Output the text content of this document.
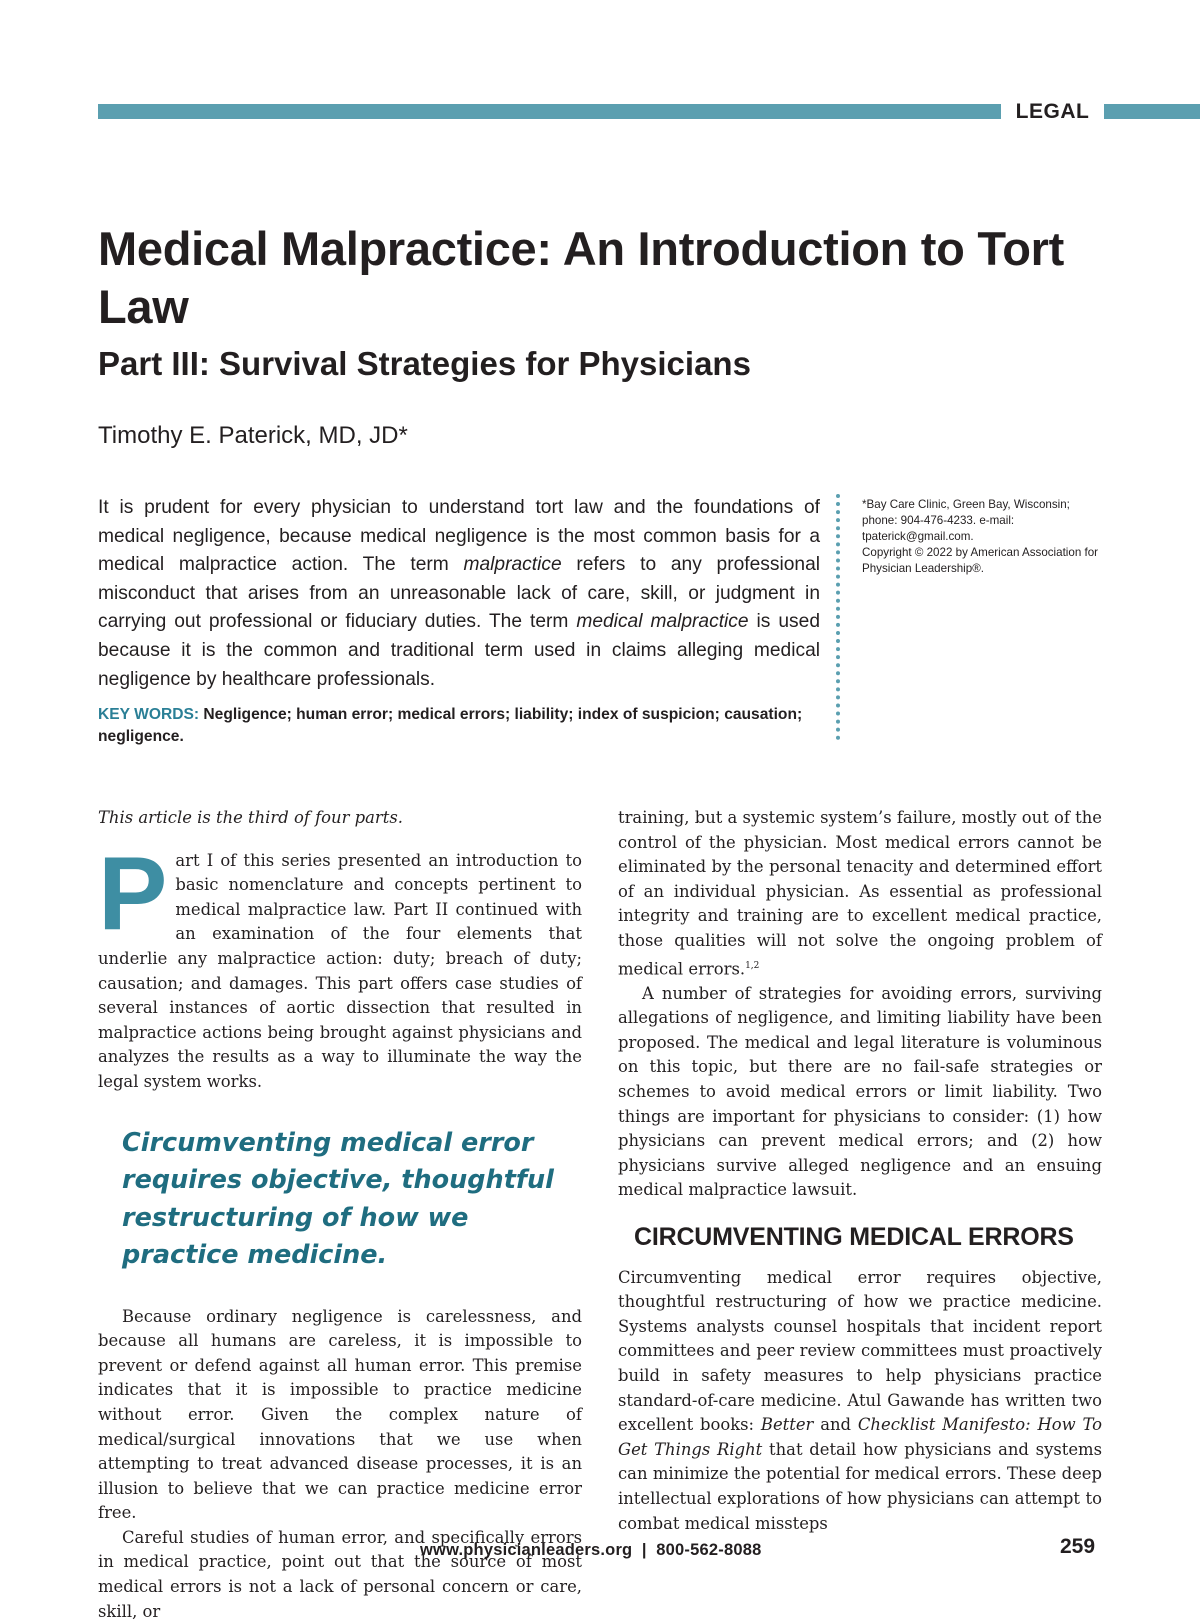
LEGAL
Medical Malpractice: An Introduction to Tort Law
Part III: Survival Strategies for Physicians

Timothy E. Paterick, MD, JD*

It is prudent for every physician to understand tort law and the foundations of medical negligence, because medical negligence is the most common basis for a medical malpractice action. The term malpractice refers to any professional misconduct that arises from an unreasonable lack of care, skill, or judgment in carrying out professional or fiduciary duties. The term medical malpractice is used because it is the common and traditional term used in claims alleging medical negligence by healthcare professionals.

KEY WORDS: Negligence; human error; medical errors; liability; index of suspicion; causation; negligence.

*Bay Care Clinic, Green Bay, Wisconsin; phone: 904-476-4233. e-mail: tpaterick@gmail.com.

Copyright © 2022 by American Association for Physician Leadership®.

This article is the third of four parts.

Part I of this series presented an introduction to basic nomenclature and concepts pertinent to medical malpractice law. Part II continued with an examination of the four elements that underlie any malpractice action: duty; breach of duty; causation; and damages. This part offers case studies of several instances of aortic dissection that resulted in malpractice actions being brought against physicians and analyzes the results as a way to illuminate the way the legal system works.

Circumventing medical error requires objective, thoughtful restructuring of how we practice medicine.

Because ordinary negligence is carelessness, and because all humans are careless, it is impossible to prevent or defend against all human error. This premise indicates that it is impossible to practice medicine without error. Given the complex nature of medical/surgical innovations that we use when attempting to treat advanced disease processes, it is an illusion to believe that we can practice medicine error free.

Careful studies of human error, and specifically errors in medical practice, point out that the source of most medical errors is not a lack of personal concern or care, skill, or

training, but a systemic system’s failure, mostly out of the control of the physician. Most medical errors cannot be eliminated by the personal tenacity and determined effort of an individual physician. As essential as professional integrity and training are to excellent medical practice, those qualities will not solve the ongoing problem of medical errors.$^{1,2}$

A number of strategies for avoiding errors, surviving allegations of negligence, and limiting liability have been proposed. The medical and legal literature is voluminous on this topic, but there are no fail-safe strategies or schemes to avoid medical errors or limit liability. Two things are important for physicians to consider: (1) how physicians can prevent medical errors; and (2) how physicians survive alleged negligence and an ensuing medical malpractice lawsuit.

CIRCUMVENTING MEDICAL ERRORS

Circumventing medical error requires objective, thoughtful restructuring of how we practice medicine. Systems analysts counsel hospitals that incident report committees and peer review committees must proactively build in safety measures to help physicians practice standard-of-care medicine. Atul Gawande has written two excellent books: Better and Checklist Manifesto: How To Get Things Right that detail how physicians and systems can minimize the potential for medical errors. These deep intellectual explorations of how physicians can attempt to combat medical missteps

www.physicianleaders.org  |  800-562-8088	259
